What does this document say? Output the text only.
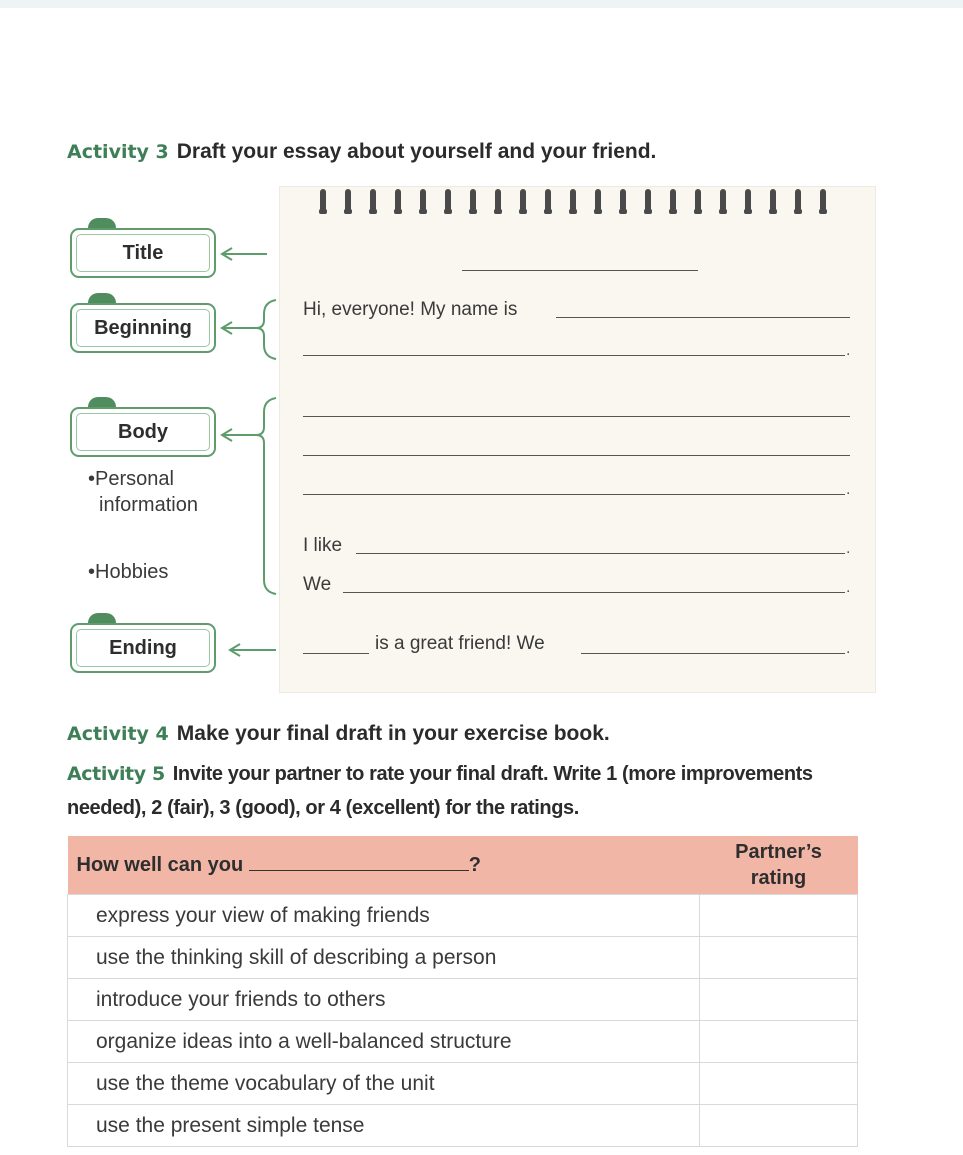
Activity 3 Draft your essay about yourself and your friend.
Hi, everyone! My name is
.
.
I like	.
We	.
is a great friend! We	.
Title
Beginning
Body
•Personal
information
•Hobbies
Ending
Activity 4 Make your final draft in your exercise book.
Activity 5 Invite your partner to rate your final draft. Write 1 (more improvements
needed), 2 (fair), 3 (good), or 4 (excellent) for the ratings.
How well can you ?	Partner’s
rating
express your view of making friends	
use the thinking skill of describing a person	
introduce your friends to others	
organize ideas into a well-balanced structure	
use the theme vocabulary of the unit	
use the present simple tense	
